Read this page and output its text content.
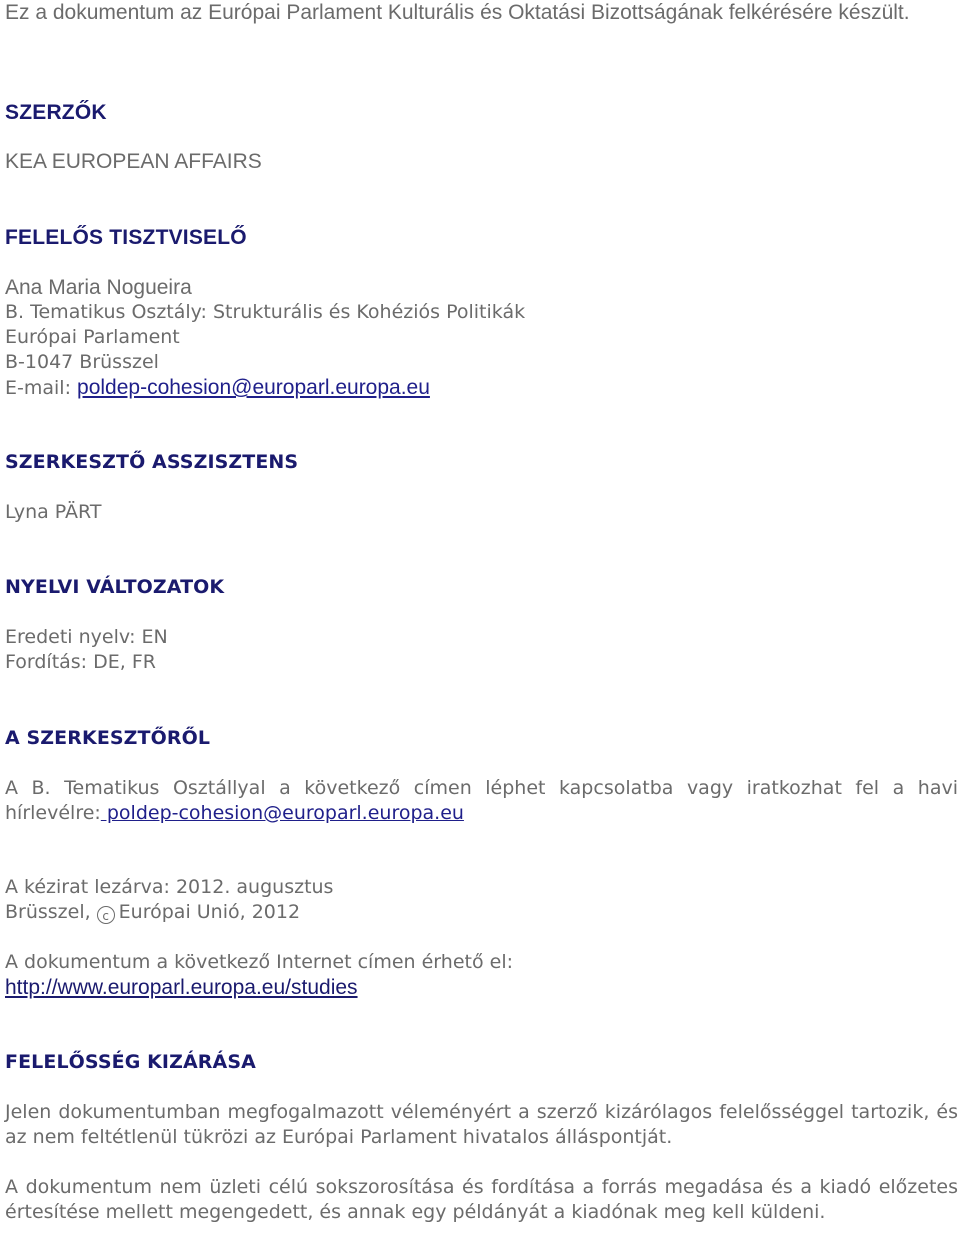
Ez a dokumentum az Európai Parlament Kulturális és Oktatási Bizottságának felkérésére készült.
SZERZŐK
KEA EUROPEAN AFFAIRS
FELELŐS TISZTVISELŐ
Ana Maria Nogueira
B. Tematikus Osztály: Strukturális és Kohéziós Politikák
Európai Parlament
B-1047 Brüsszel
E-mail: poldep-cohesion@europarl.europa.eu
SZERKESZTŐ ASSZISZTENS
Lyna PÄRT
NYELVI VÁLTOZATOK
Eredeti nyelv: EN
Fordítás: DE, FR
A SZERKESZTŐRŐL
A B. Tematikus Osztállyal a következő címen léphet kapcsolatba vagy iratkozhat fel a havi hírlevélre: poldep-cohesion@europarl.europa.eu
A kézirat lezárva: 2012. augusztus
Brüsszel, c Európai Unió, 2012
A dokumentum a következő Internet címen érhető el:
http://www.europarl.europa.eu/studies
FELELŐSSÉG KIZÁRÁSA
Jelen dokumentumban megfogalmazott véleményért a szerző kizárólagos felelősséggel tartozik, és az nem feltétlenül tükrözi az Európai Parlament hivatalos álláspontját.
A dokumentum nem üzleti célú sokszorosítása és fordítása a forrás megadása és a kiadó előzetes értesítése mellett megengedett, és annak egy példányát a kiadónak meg kell küldeni.
